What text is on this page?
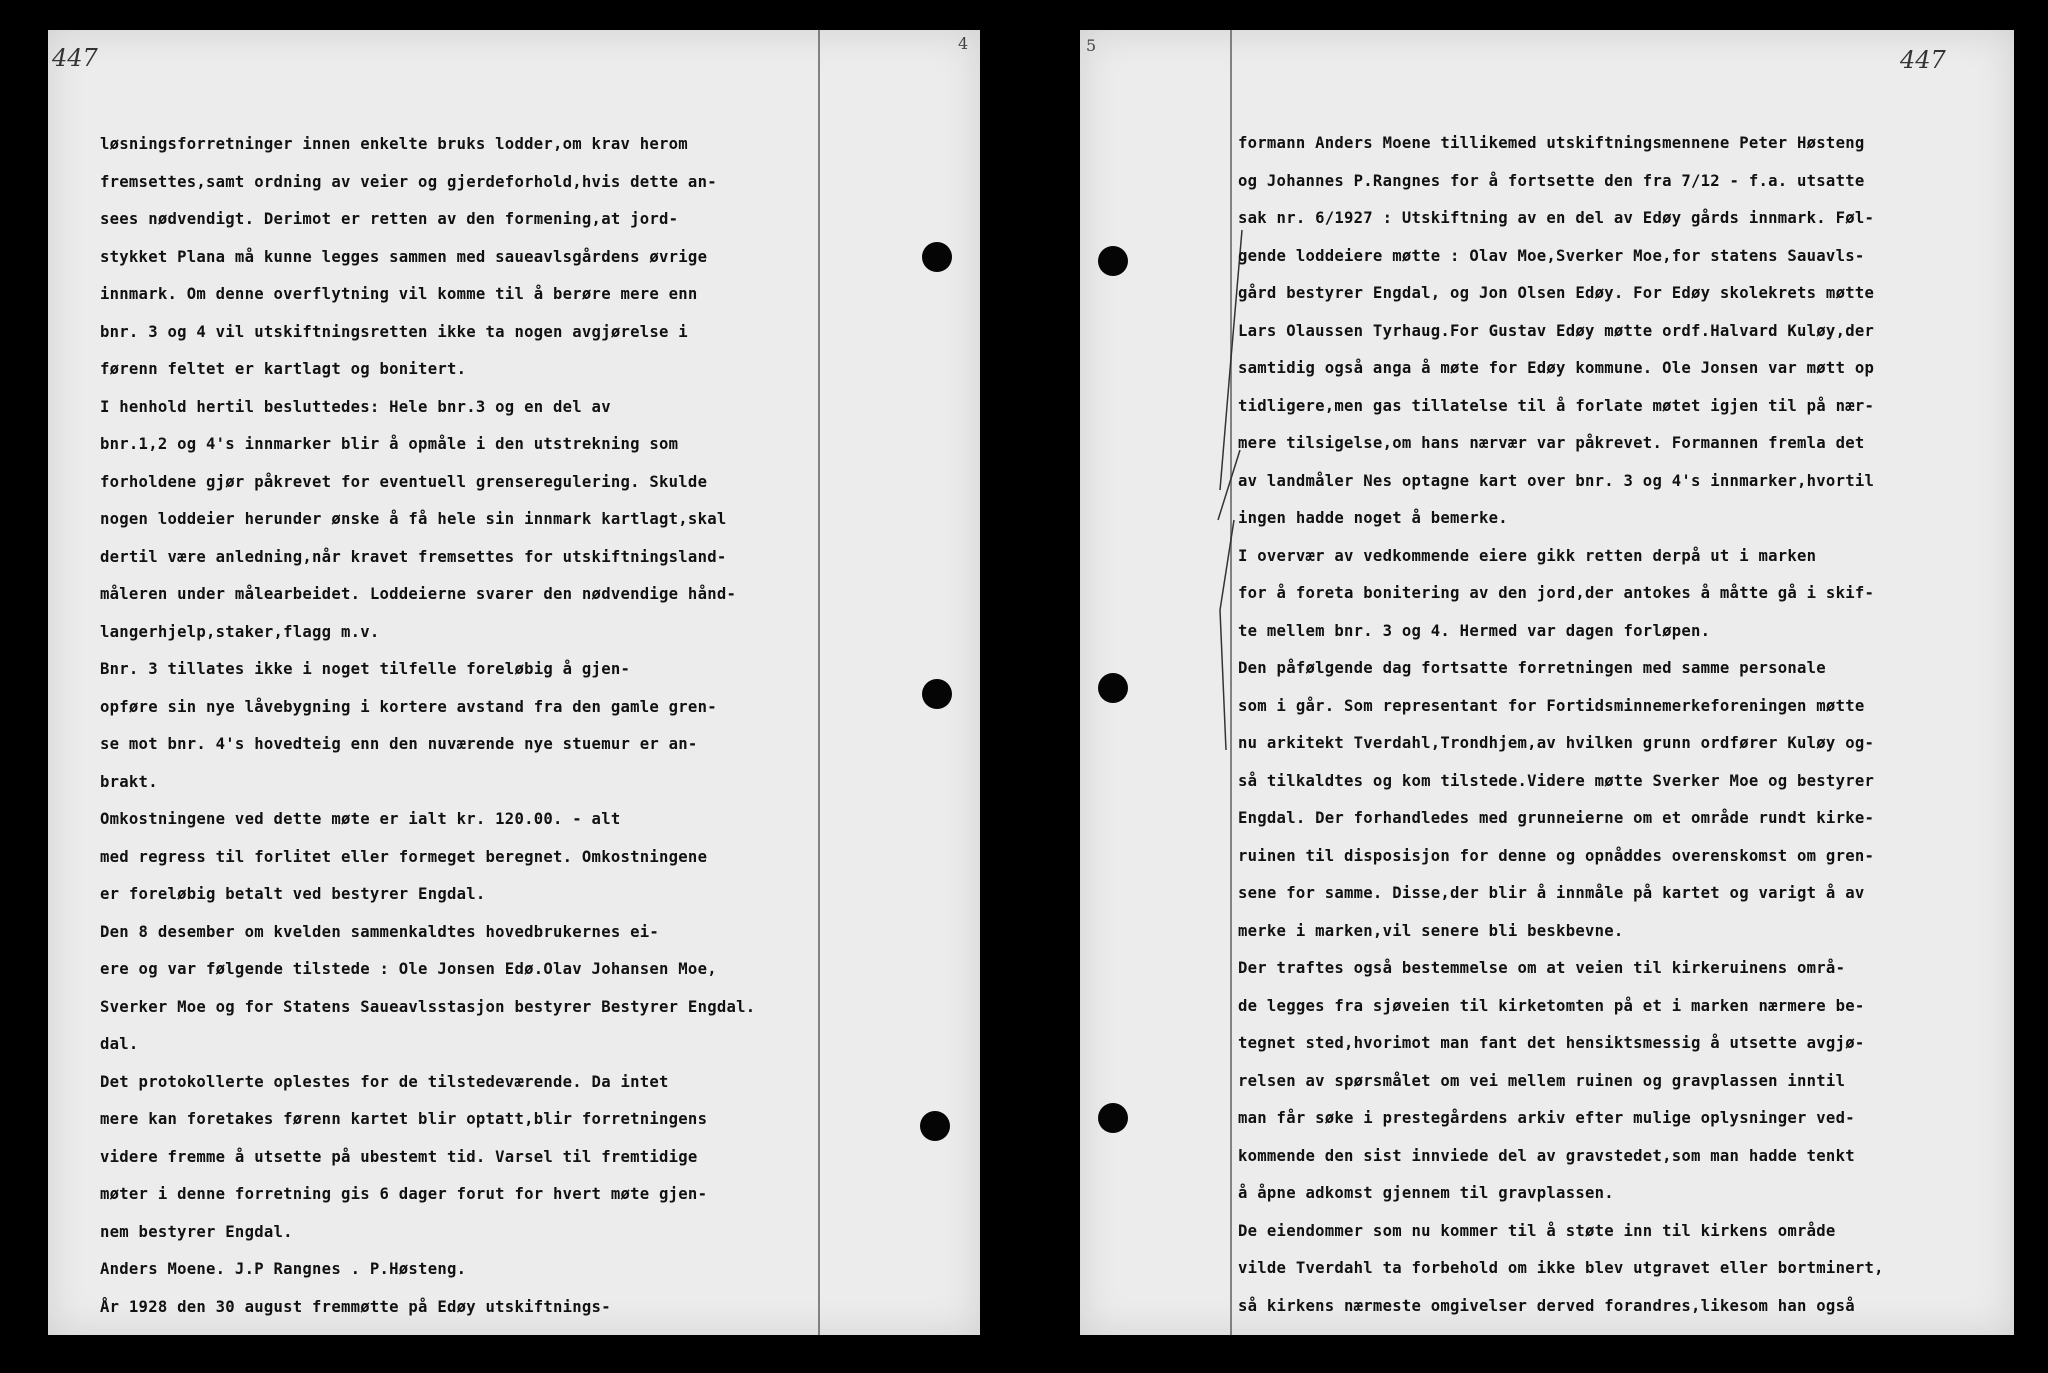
447
4
løsningsforretninger innen enkelte bruks lodder,om krav herom
fremsettes,samt ordning av veier og gjerdeforhold,hvis dette an-
sees nødvendigt. Derimot er retten av den formening,at jord-
stykket Plana må kunne legges sammen med saueavlsgårdens øvrige
innmark. Om denne overflytning vil komme til å berøre mere enn
bnr. 3 og 4 vil utskiftningsretten ikke ta nogen avgjørelse i
førenn feltet er kartlagt og bonitert.
I henhold hertil besluttedes: Hele bnr.3 og en del av
bnr.1,2 og 4's innmarker blir å opmåle i den utstrekning som
forholdene gjør påkrevet for eventuell grenseregulering. Skulde
nogen loddeier herunder ønske å få hele sin innmark kartlagt,skal
dertil være anledning,når kravet fremsettes for utskiftningsland-
måleren under målearbeidet. Loddeierne svarer den nødvendige hånd-
langerhjelp,staker,flagg m.v.
Bnr. 3 tillates ikke i noget tilfelle foreløbig å gjen-
opføre sin nye låvebygning i kortere avstand fra den gamle gren-
se mot bnr. 4's hovedteig enn den nuværende nye stuemur er an-
brakt.
Omkostningene ved dette møte er ialt kr. 120.00. - alt
med regress til forlitet eller formeget beregnet. Omkostningene
er foreløbig betalt ved bestyrer Engdal.
Den 8 desember om kvelden sammenkaldtes hovedbrukernes ei-
ere og var følgende tilstede : Ole Jonsen Edø.Olav Johansen Moe,
Sverker Moe og for Statens Saueavlsstasjon bestyrer Bestyrer Engdal.
dal.
Det protokollerte oplestes for de tilstedeværende. Da intet
mere kan foretakes førenn kartet blir optatt,blir forretningens
videre fremme å utsette på ubestemt tid. Varsel til fremtidige
møter i denne forretning gis 6 dager forut for hvert møte gjen-
nem bestyrer Engdal.
Anders Moene. J.P Rangnes . P.Høsteng.
År 1928 den 30 august fremmøtte på Edøy utskiftnings-
447
5
formann Anders Moene tillikemed utskiftningsmennene Peter Høsteng
og Johannes P.Rangnes for å fortsette den fra 7/12 - f.a. utsatte
sak nr. 6/1927 : Utskiftning av en del av Edøy gårds innmark. Føl-
gende loddeiere møtte : Olav Moe,Sverker Moe,for statens Sauavls-
gård bestyrer Engdal, og Jon Olsen Edøy. For Edøy skolekrets møtte
Lars Olaussen Tyrhaug.For Gustav Edøy møtte ordf.Halvard Kuløy,der
samtidig også anga å møte for Edøy kommune. Ole Jonsen var møtt op
tidligere,men gas tillatelse til å forlate møtet igjen til på nær-
mere tilsigelse,om hans nærvær var påkrevet. Formannen fremla det
av landmåler Nes optagne kart over bnr. 3 og 4's innmarker,hvortil
ingen hadde noget å bemerke.
I overvær av vedkommende eiere gikk retten derpå ut i marken
for å foreta bonitering av den jord,der antokes å måtte gå i skif-
te mellem bnr. 3 og 4. Hermed var dagen forløpen.
Den påfølgende dag fortsatte forretningen med samme personale
som i går. Som representant for Fortidsminnemerkeforeningen møtte
nu arkitekt Tverdahl,Trondhjem,av hvilken grunn ordfører Kuløy og-
så tilkaldtes og kom tilstede.Videre møtte Sverker Moe og bestyrer
Engdal. Der forhandledes med grunneierne om et område rundt kirke-
ruinen til disposisjon for denne og opnåddes overenskomst om gren-
sene for samme. Disse,der blir å innmåle på kartet og varigt å av
merke i marken,vil senere bli beskbevne.
Der traftes også bestemmelse om at veien til kirkeruinens områ-
de legges fra sjøveien til kirketomten på et i marken nærmere be-
tegnet sted,hvorimot man fant det hensiktsmessig å utsette avgjø-
relsen av spørsmålet om vei mellem ruinen og gravplassen inntil
man får søke i prestegårdens arkiv efter mulige oplysninger ved-
kommende den sist innviede del av gravstedet,som man hadde tenkt
å åpne adkomst gjennem til gravplassen.
De eiendommer som nu kommer til å støte inn til kirkens område
vilde Tverdahl ta forbehold om ikke blev utgravet eller bortminert,
så kirkens nærmeste omgivelser derved forandres,likesom han også
